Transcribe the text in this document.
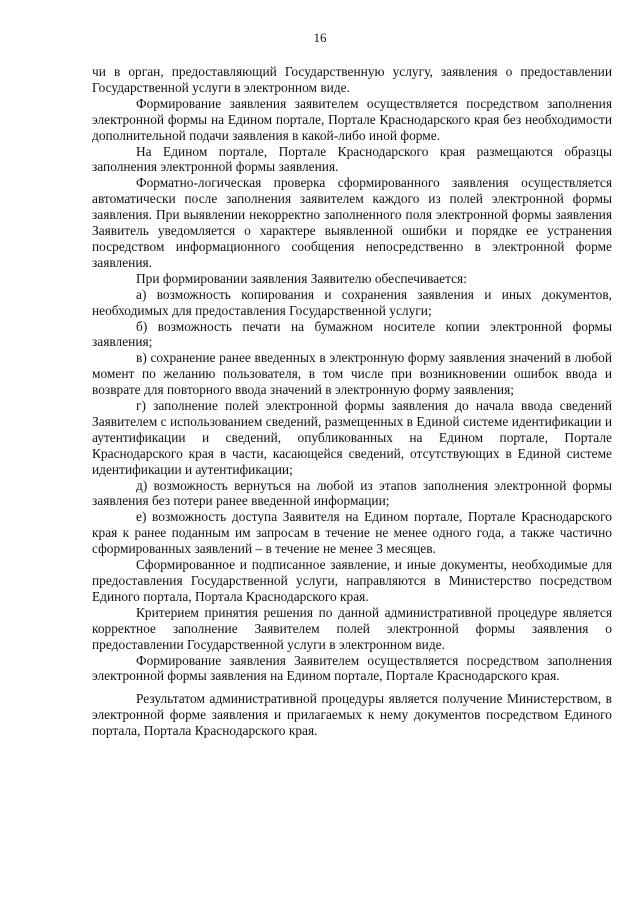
16

чи в орган, предоставляющий Государственную услугу, заявления о предоставлении Государственной услуги в электронном виде.

Формирование заявления заявителем осуществляется посредством заполнения электронной формы на Едином портале, Портале Краснодарского края без необходимости дополнительной подачи заявления в какой-либо иной форме.

На Едином портале, Портале Краснодарского края размещаются образцы заполнения электронной формы заявления.

Форматно-логическая проверка сформированного заявления осуществляется автоматически после заполнения заявителем каждого из полей электронной формы заявления. При выявлении некорректно заполненного поля электронной формы заявления Заявитель уведомляется о характере выявленной ошибки и порядке ее устранения посредством информационного сообщения непосредственно в электронной форме заявления.

При формировании заявления Заявителю обеспечивается:

а) возможность копирования и сохранения заявления и иных документов, необходимых для предоставления Государственной услуги;

б) возможность печати на бумажном носителе копии электронной формы заявления;

в) сохранение ранее введенных в электронную форму заявления значений в любой момент по желанию пользователя, в том числе при возникновении ошибок ввода и возврате для повторного ввода значений в электронную форму заявления;

г) заполнение полей электронной формы заявления до начала ввода сведений Заявителем с использованием сведений, размещенных в Единой системе идентификации и аутентификации и сведений, опубликованных на Едином портале, Портале Краснодарского края в части, касающейся сведений, отсутствующих в Единой системе идентификации и аутентификации;

д) возможность вернуться на любой из этапов заполнения электронной формы заявления без потери ранее введенной информации;

е) возможность доступа Заявителя на Едином портале, Портале Краснодарского края к ранее поданным им запросам в течение не менее одного года, а также частично сформированных заявлений – в течение не менее 3 месяцев.

Сформированное и подписанное заявление, и иные документы, необходимые для предоставления Государственной услуги, направляются в Министерство посредством Единого портала, Портала Краснодарского края.

Критерием принятия решения по данной административной процедуре является корректное заполнение Заявителем полей электронной формы заявления о предоставлении Государственной услуги в электронном виде.

Формирование заявления Заявителем осуществляется посредством заполнения электронной формы заявления на Едином портале, Портале Краснодарского края.

Результатом административной процедуры является получение Министерством, в электронной форме заявления и прилагаемых к нему документов посредством Единого портала, Портала Краснодарского края.
